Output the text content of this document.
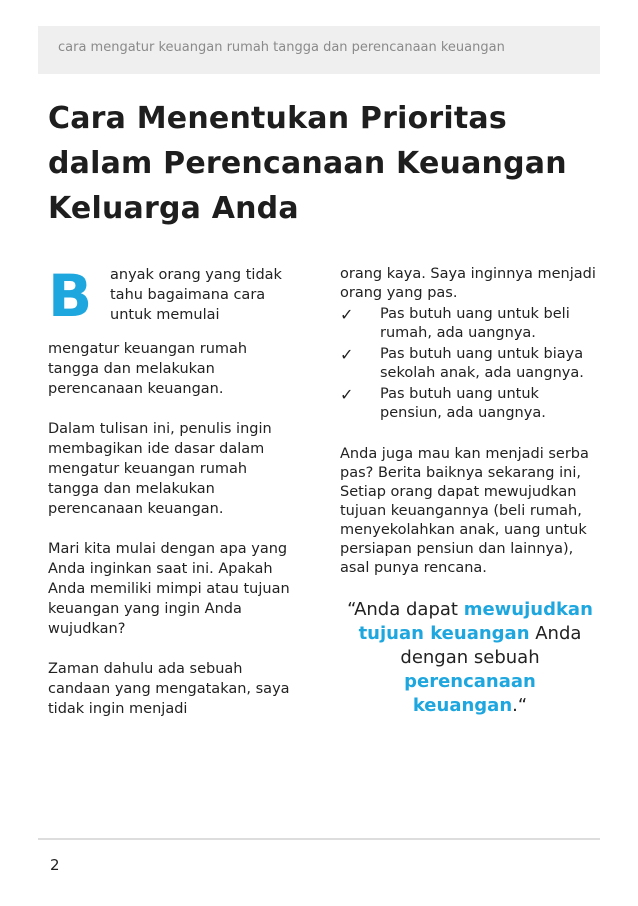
cara mengatur keuangan rumah tangga dan perencanaan keuangan
Cara Menentukan Prioritas dalam Perencanaan Keuangan Keluarga Anda
B anyak orang yang tidak tahu bagaimana cara untuk memulai

mengatur keuangan rumah tangga dan melakukan perencanaan keuangan.

Dalam tulisan ini, penulis ingin membagikan ide dasar dalam mengatur keuangan rumah tangga dan melakukan perencanaan keuangan.

Mari kita mulai dengan apa yang Anda inginkan saat ini. Apakah Anda memiliki mimpi atau tujuan keuangan yang ingin Anda wujudkan?

Zaman dahulu ada sebuah candaan yang mengatakan, saya tidak ingin menjadi

orang kaya. Saya inginnya menjadi orang yang pas.

✓ Pas butuh uang untuk beli rumah, ada uangnya.
✓ Pas butuh uang untuk biaya sekolah anak, ada uangnya.
✓ Pas butuh uang untuk pensiun, ada uangnya.

Anda juga mau kan menjadi serba pas? Berita baiknya sekarang ini, Setiap orang dapat mewujudkan tujuan keuangannya (beli rumah, menyekolahkan anak, uang untuk persiapan pensiun dan lainnya), asal punya rencana.

“Anda dapat mewujudkan tujuan keuangan Anda dengan sebuah perencanaan keuangan.“
2
